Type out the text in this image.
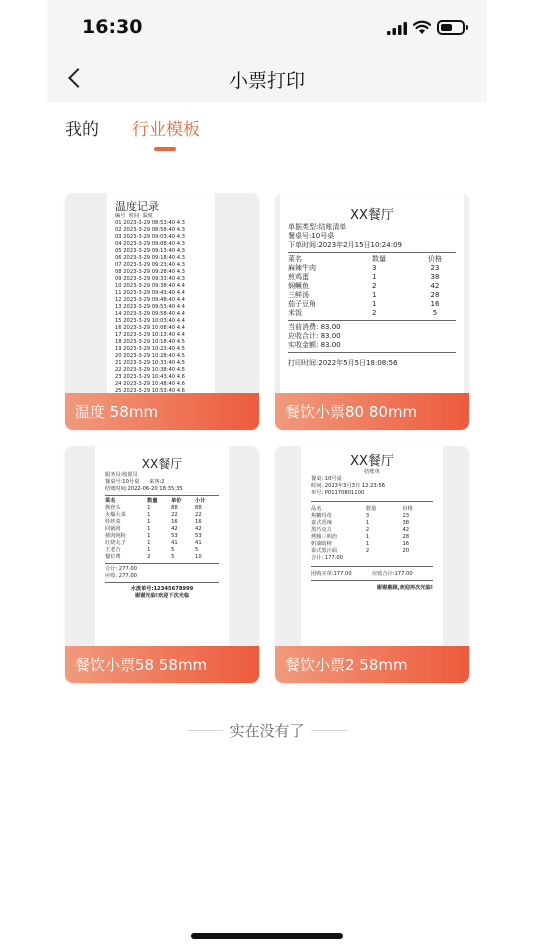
16:30
小票打印
我的 行业模板
温度记录
编号  时间  温度
01 2023-3-29 08:53:40 4.3
02 2023-3-29 08:58:40 4.3
03 2023-3-29 09:03:40 4.3
04 2023-3-29 09:08:40 4.3
05 2023-3-29 09:13:40 4.3
06 2023-3-29 09:18:40 4.3
07 2023-3-29 09:23:40 4.3
08 2023-3-29 09:28:40 4.3
09 2023-3-29 09:33:40 4.3
10 2023-3-29 09:38:40 4.4
11 2023-3-29 09:43:40 4.4
12 2023-3-29 09:48:40 4.4
13 2023-3-29 09:53:40 4.4
14 2023-3-29 09:58:40 4.4
15 2023-3-29 10:03:40 4.4
16 2023-3-29 10:08:40 4.4
17 2023-3-29 10:13:40 4.4
18 2023-3-29 10:18:40 4.5
19 2023-3-29 10:23:40 4.5
20 2023-3-29 10:28:40 4.5
21 2023-3-29 10:33:40 4.5
22 2023-3-29 10:38:40 4.5
23 2023-3-29 10:43:40 4.6
24 2023-3-29 10:48:40 4.6
25 2023-3-29 10:53:40 4.6
温度 58mm
XX餐厅
单据类型:结账清单
餐桌号:10号桌
下单时间:2023年2月15日10:24:09
菜名	数量	价格
麻辣牛肉	3	23
煎鸡蛋	1	38
焖鳜鱼	2	42
三鲜汤	1	28
茄子豆角	1	16
米饭	2	5
当前消费: 83.00
应收合计: 83.00
实收金额: 83.00
打印时间:2022年5月5日18:08:56
餐饮小票80 80mm
XX餐厅
服务员:收银员
餐桌号:10号桌      来客:2
结账时间:2022-06-20 18:35:35
菜名	数量	单价	小计
酱骨头	1	88	88
火爆大菜	1	22	22
娃娃菜	1	16	16
回锅肉	1	42	42
猪肉炖粉	1	53	53
红烧丸子	1	41	41
王老吉	1	5	5
餐位费	2	5	10
合计: 277.00
应收: 277.00
水流单号:12345678999
谢谢光临!欢迎下次光临
餐饮小票58 58mm
XX餐厅
结账单
餐桌: 10号桌
时间: 2023年3月3日 12:23:56
单号: P01170801100
品名	数量	价格
焦糖玛奇	3	23
泰式香辣	1	38
黑巧克力	2	42
烤肠三明治	1	28
奶油暗榜	1	16
泰式黑汁面	2	20
合计: 177.00
团购买单:177.00	应收合计:177.00
谢谢惠顾,欢迎再次光临!
餐饮小票2 58mm
实在没有了
